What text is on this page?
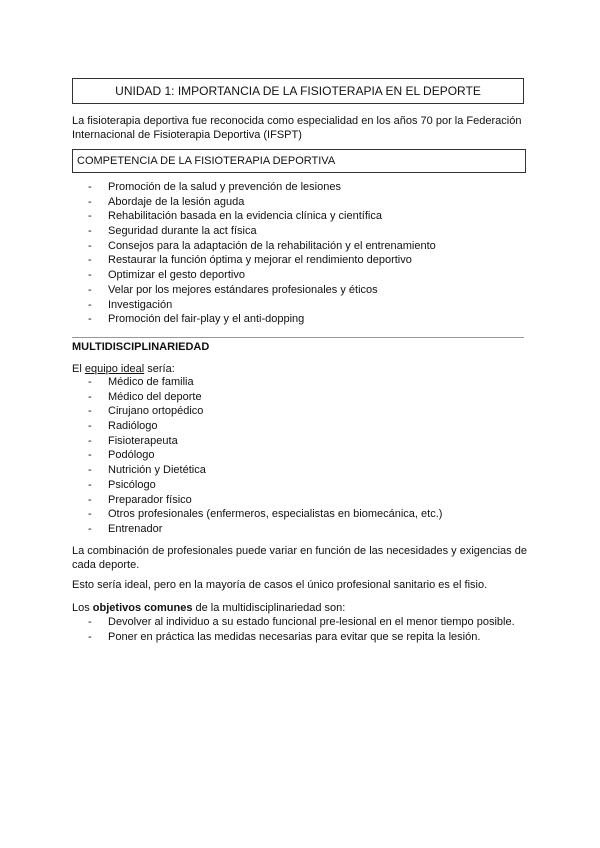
UNIDAD 1: IMPORTANCIA DE LA FISIOTERAPIA EN EL DEPORTE
La fisioterapia deportiva fue reconocida como especialidad en los años 70 por la Federación Internacional de Fisioterapia Deportiva (IFSPT)
COMPETENCIA DE LA FISIOTERAPIA DEPORTIVA
- Promoción de la salud y prevención de lesiones
- Abordaje de la lesión aguda
- Rehabilitación basada en la evidencia clínica y científica
- Seguridad durante la act física
- Consejos para la adaptación de la rehabilitación y el entrenamiento
- Restaurar la función óptima y mejorar el rendimiento deportivo
- Optimizar el gesto deportivo
- Velar por los mejores estándares profesionales y éticos
- Investigación
- Promoción del fair-play y el anti-dopping
MULTIDISCIPLINARIEDAD
El equipo ideal sería:
- Médico de familia
- Médico del deporte
- Cirujano ortopédico
- Radiólogo
- Fisioterapeuta
- Podólogo
- Nutrición y Dietética
- Psicólogo
- Preparador físico
- Otros profesionales (enfermeros, especialistas en biomecánica, etc.)
- Entrenador
La combinación de profesionales puede variar en función de las necesidades y exigencias de cada deporte.
Esto sería ideal, pero en la mayoría de casos el único profesional sanitario es el fisio.
Los objetivos comunes de la multidisciplinariedad son:
- Devolver al individuo a su estado funcional pre-lesional en el menor tiempo posible.
- Poner en práctica las medidas necesarias para evitar que se repita la lesión.
